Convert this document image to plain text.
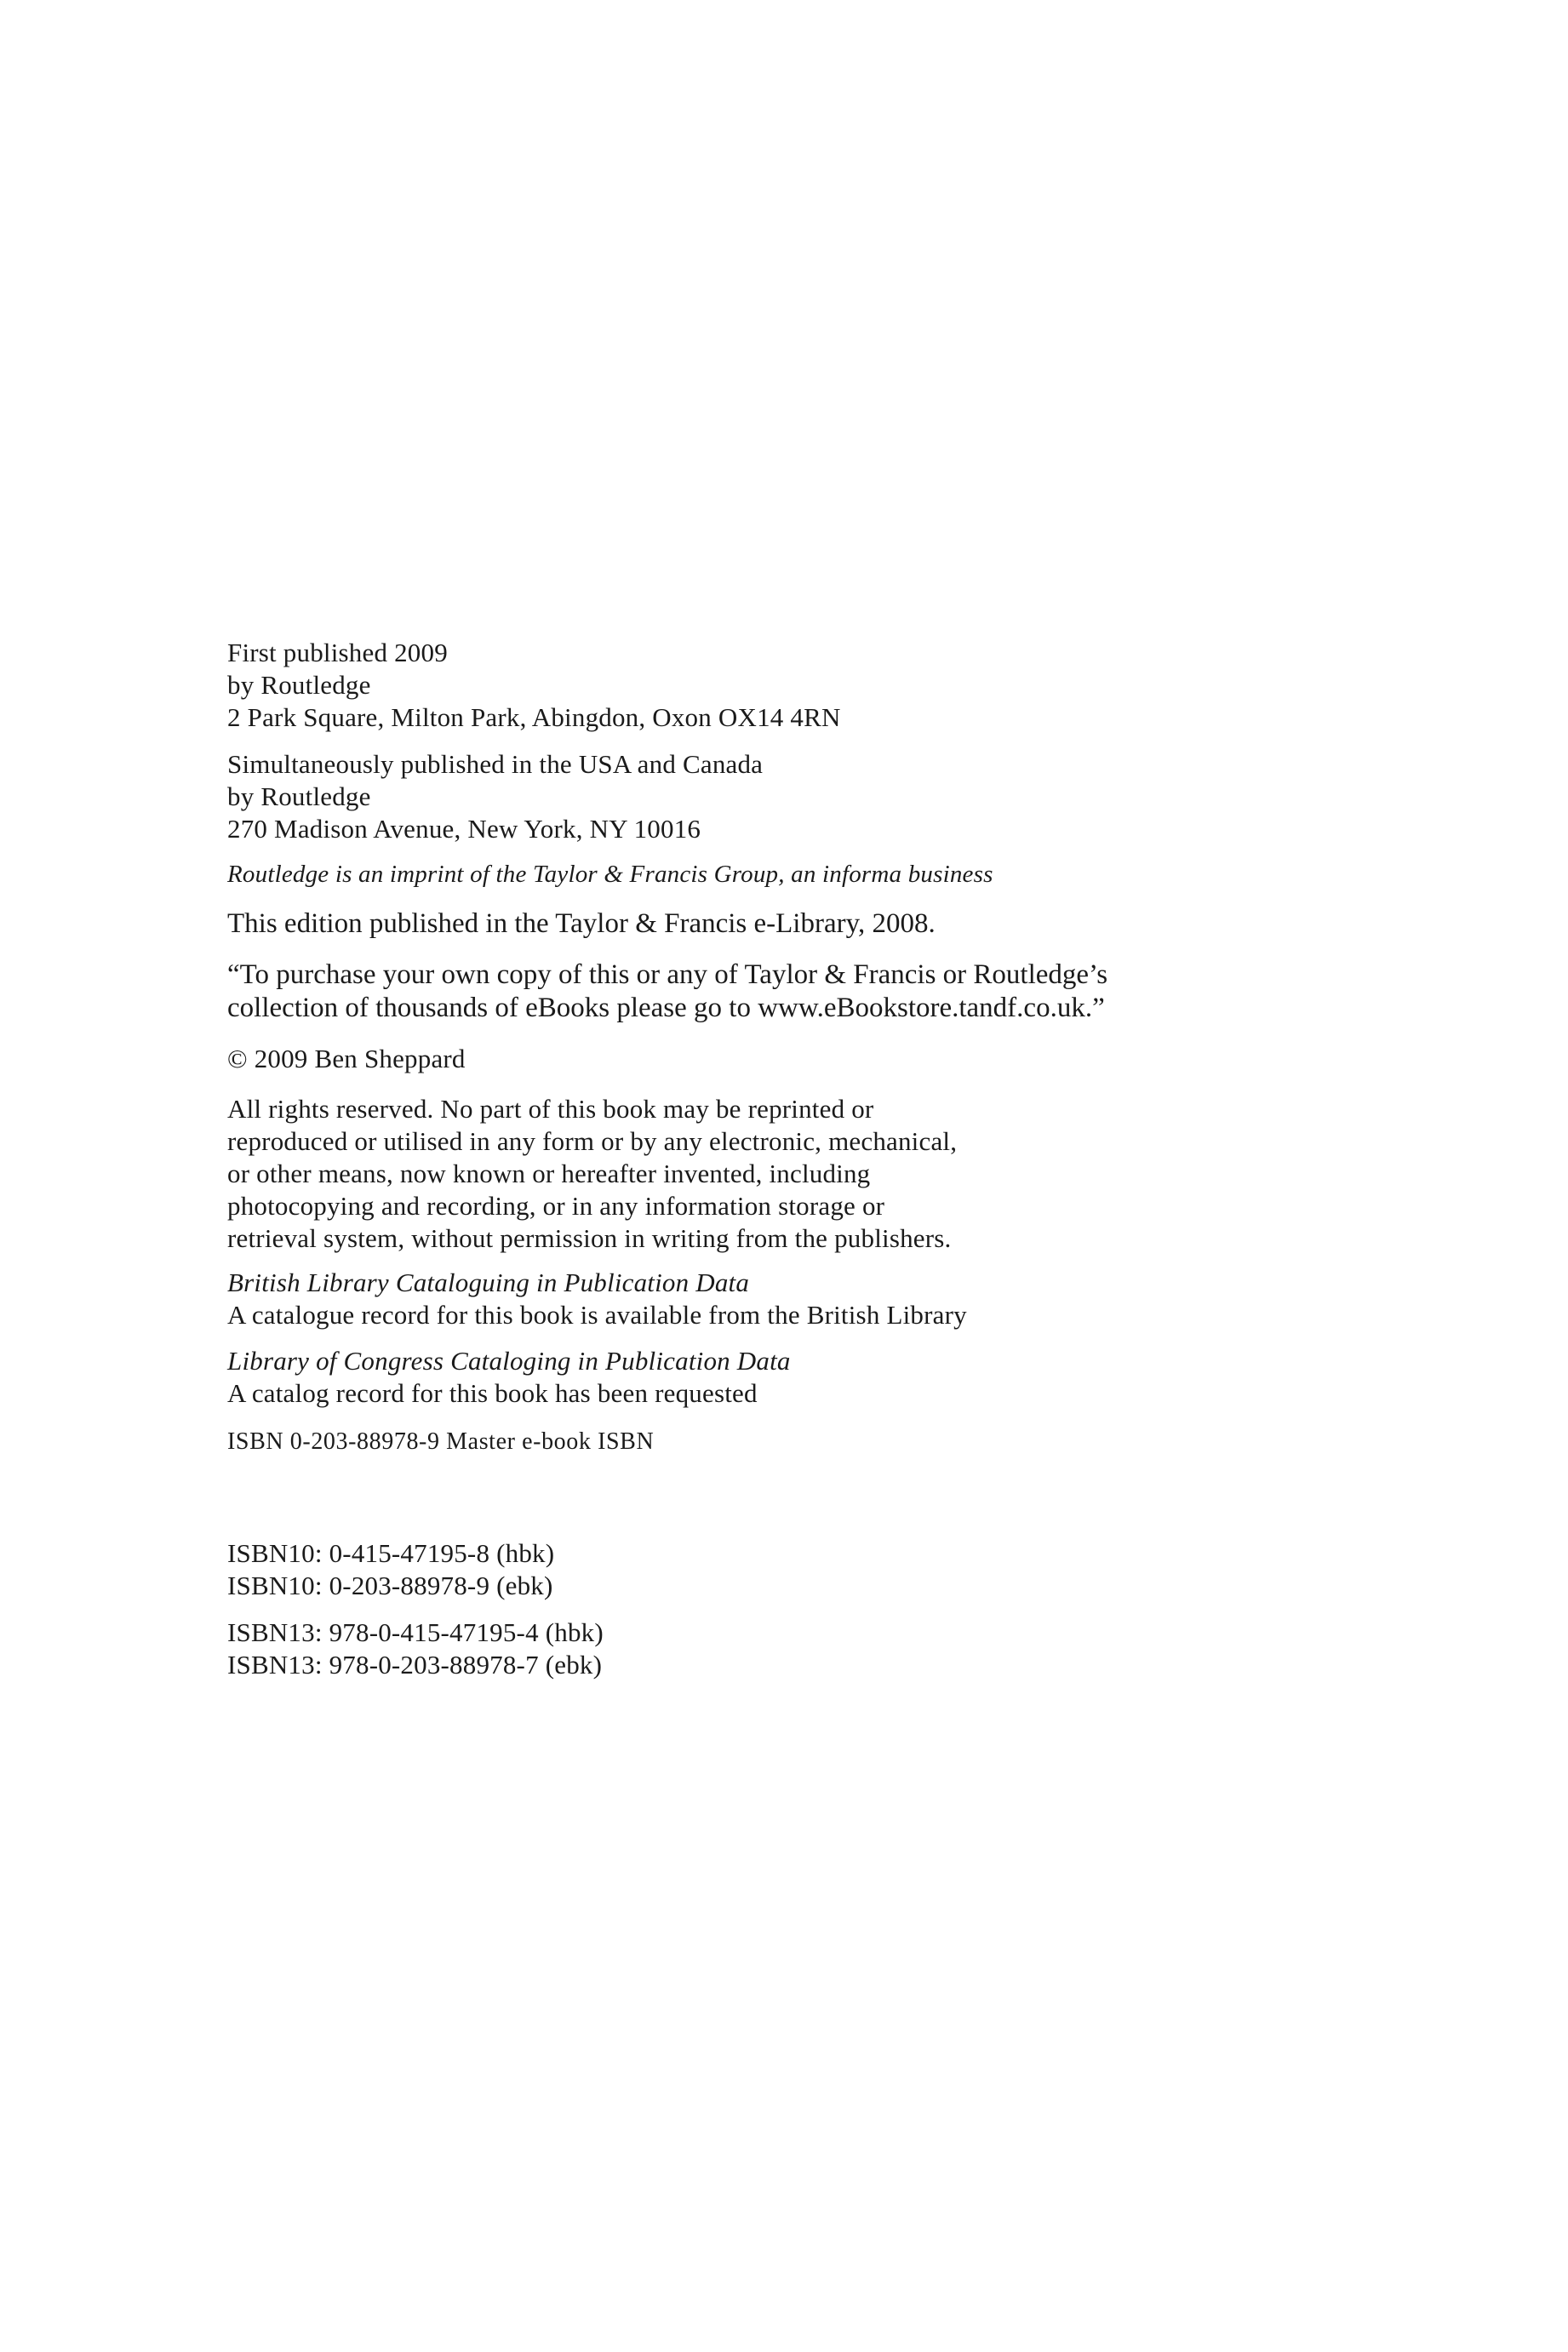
First published 2009
by Routledge
2 Park Square, Milton Park, Abingdon, Oxon OX14 4RN
Simultaneously published in the USA and Canada
by Routledge
270 Madison Avenue, New York, NY 10016
Routledge is an imprint of the Taylor & Francis Group, an informa business
This edition published in the Taylor & Francis e-Library, 2008.
“To purchase your own copy of this or any of Taylor & Francis or Routledge’s
collection of thousands of eBooks please go to www.eBookstore.tandf.co.uk.”
© 2009 Ben Sheppard
All rights reserved. No part of this book may be reprinted or
reproduced or utilised in any form or by any electronic, mechanical,
or other means, now known or hereafter invented, including
photocopying and recording, or in any information storage or
retrieval system, without permission in writing from the publishers.
British Library Cataloguing in Publication Data
A catalogue record for this book is available from the British Library
Library of Congress Cataloging in Publication Data
A catalog record for this book has been requested
ISBN 0-203-88978-9 Master e-book ISBN
ISBN10: 0-415-47195-8 (hbk)
ISBN10: 0-203-88978-9 (ebk)
ISBN13: 978-0-415-47195-4 (hbk)
ISBN13: 978-0-203-88978-7 (ebk)
